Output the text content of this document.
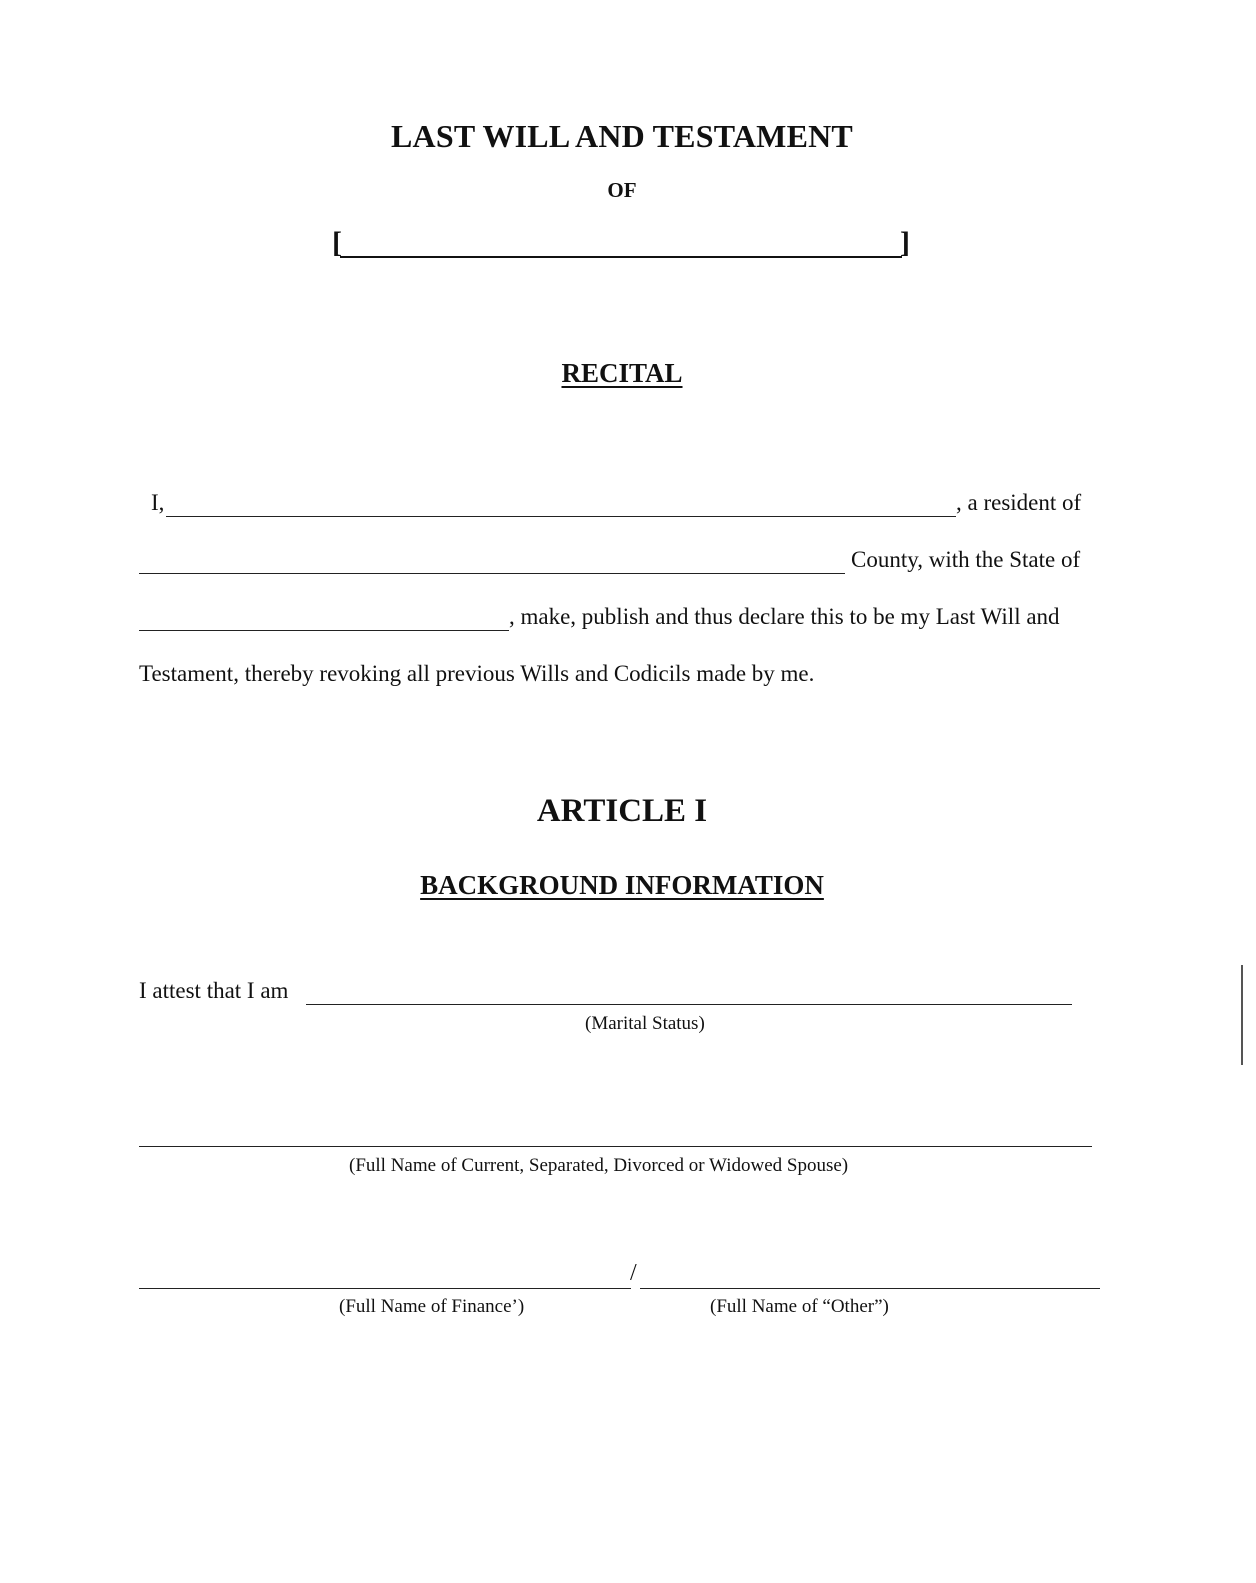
LAST WILL AND TESTAMENT
OF
[	]
RECITAL
I,	, a resident of
County, with the State of
, make, publish and thus declare this to be my Last Will and
Testament, thereby revoking all previous Wills and Codicils made by me.
ARTICLE I
BACKGROUND INFORMATION
I attest that I am
(Marital Status)
(Full Name of Current, Separated, Divorced or Widowed Spouse)
/
(Full Name of Finance’)	(Full Name of “Other”)
